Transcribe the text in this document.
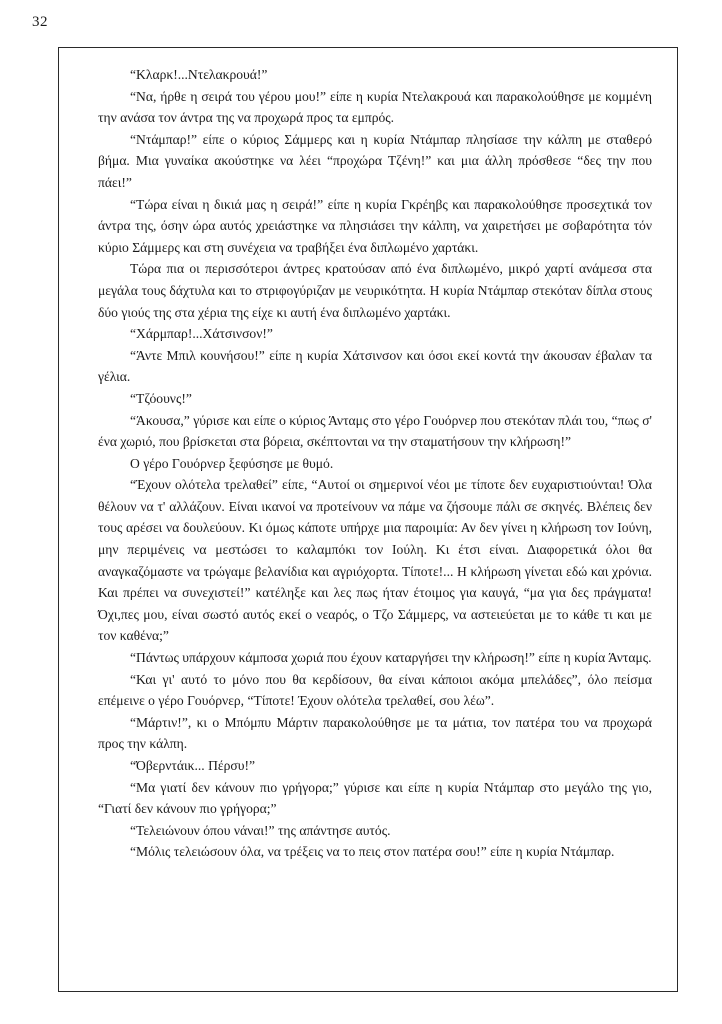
32

“Κλαρκ!...Ντελακρουά!”

“Να, ήρθε η σειρά του γέρου μου!” είπε η κυρία Ντελακρουά και παρακολούθησε με κομμένη την ανάσα τον άντρα της να προχωρά προς τα εμπρός.

“Ντάμπαρ!” είπε ο κύριος Σάμμερς και η κυρία Ντάμπαρ πλησίασε την κάλπη με σταθερό βήμα. Μια γυναίκα ακούστηκε να λέει “προχώρα Τζένη!” και μια άλλη πρόσθεσε “δες την που πάει!”

“Τώρα είναι η δικιά μας η σειρά!” είπε η κυρία Γκρέηβς και παρακολούθησε προσεχτικά τον άντρα της, όσην ώρα αυτός χρειάστηκε να πλησιάσει την κάλπη, να χαιρετήσει με σοβαρότητα τόν κύριο Σάμμερς και στη συνέχεια να τραβήξει ένα διπλωμένο χαρτάκι.

Τώρα πια οι περισσότεροι άντρες κρατούσαν από ένα διπλωμένο, μικρό χαρτί ανάμεσα στα μεγάλα τους δάχτυλα και το στριφογύριζαν με νευρικότητα. Η κυρία Ντάμπαρ στεκόταν δίπλα στους δύο γιούς της στα χέρια της είχε κι αυτή ένα διπλωμένο χαρτάκι.

“Χάρμπαρ!...Χάτσινσον!”

“Άντε Μπιλ κουνήσου!” είπε η κυρία Χάτσινσον και όσοι εκεί κοντά την άκουσαν έβαλαν τα γέλια.

“Τζόουνς!”

“Άκουσα,” γύρισε και είπε ο κύριος Άνταμς στο γέρο Γουόρνερ που στεκόταν πλάι του, “πως σ' ένα χωριό, που βρίσκεται στα βόρεια, σκέπτονται να την σταματήσουν την κλήρωση!”

Ο γέρο Γουόρνερ ξεφύσησε με θυμό.

“Έχουν ολότελα τρελαθεί” είπε, “Αυτοί οι σημερινοί νέοι με τίποτε δεν ευχαριστιούνται! Όλα θέλουν να τ' αλλάζουν. Είναι ικανοί να προτείνουν να πάμε να ζήσουμε πάλι σε σκηνές. Βλέπεις δεν τους αρέσει να δουλεύουν. Κι όμως κάποτε υπήρχε μια παροιμία: Αν δεν γίνει η κλήρωση τον Ιούνη, μην περιμένεις να μεστώσει το καλαμπόκι τον Ιούλη. Κι έτσι είναι. Διαφορετικά όλοι θα αναγκαζόμαστε να τρώγαμε βελανίδια και αγριόχορτα. Τίποτε!... Η κλήρωση γίνεται εδώ και χρόνια. Και πρέπει να συνεχιστεί!” κατέληξε και λες πως ήταν έτοιμος για καυγά, “μα για δες πράγματα! Όχι,πες μου, είναι σωστό αυτός εκεί ο νεαρός, ο Τζο Σάμμερς, να αστειεύεται με το κάθε τι και με τον καθένα;”

“Πάντως υπάρχουν κάμποσα χωριά που έχουν καταργήσει την κλήρωση!” είπε η κυρία Άνταμς.

“Και γι' αυτό το μόνο που θα κερδίσουν, θα είναι κάποιοι ακόμα μπελάδες”, όλο πείσμα επέμεινε ο γέρο Γουόρνερ, “Τίποτε! Έχουν ολότελα τρελαθεί, σου λέω”.

“Μάρτιν!”, κι ο Μπόμπυ Μάρτιν παρακολούθησε με τα μάτια, τον πατέρα του να προχωρά προς την κάλπη.

“Όβερντάικ... Πέρσυ!”

“Μα γιατί δεν κάνουν πιο γρήγορα;” γύρισε και είπε η κυρία Ντάμπαρ στο μεγάλο της γιο, “Γιατί δεν κάνουν πιο γρήγορα;”

“Τελειώνουν όπου νάναι!” της απάντησε αυτός.

“Μόλις τελειώσουν όλα, να τρέξεις να το πεις στον πατέρα σου!” είπε η κυρία Ντάμπαρ.
